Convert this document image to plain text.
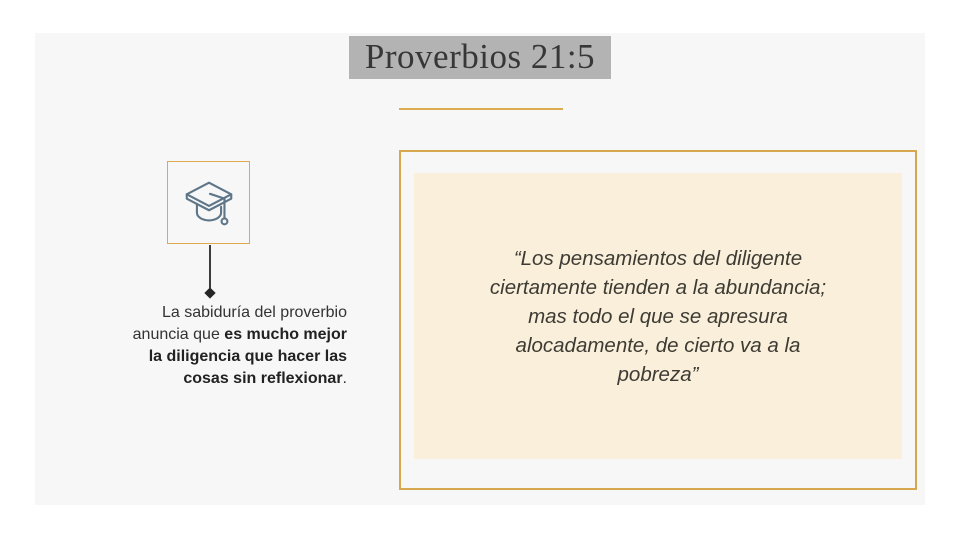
Proverbios 21:5
La sabiduría del proverbio
anuncia que es mucho mejor
la diligencia que hacer las
cosas sin reflexionar.
“Los pensamientos del diligente
ciertamente tienden a la abundancia;
mas todo el que se apresura
alocadamente, de cierto va a la
pobreza”
